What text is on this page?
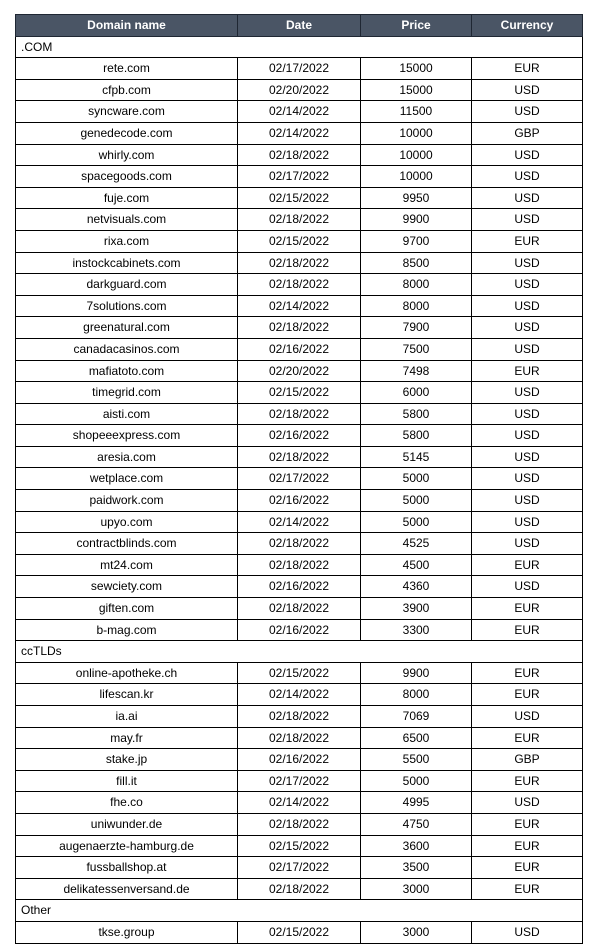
Domain name	Date	Price	Currency
.COM			
rete.com	02/17/2022	15000	EUR
cfpb.com	02/20/2022	15000	USD
syncware.com	02/14/2022	11500	USD
genedecode.com	02/14/2022	10000	GBP
whirly.com	02/18/2022	10000	USD
spacegoods.com	02/17/2022	10000	USD
fuje.com	02/15/2022	9950	USD
netvisuals.com	02/18/2022	9900	USD
rixa.com	02/15/2022	9700	EUR
instockcabinets.com	02/18/2022	8500	USD
darkguard.com	02/18/2022	8000	USD
7solutions.com	02/14/2022	8000	USD
greenatural.com	02/18/2022	7900	USD
canadacasinos.com	02/16/2022	7500	USD
mafiatoto.com	02/20/2022	7498	EUR
timegrid.com	02/15/2022	6000	USD
aisti.com	02/18/2022	5800	USD
shopeeexpress.com	02/16/2022	5800	USD
aresia.com	02/18/2022	5145	USD
wetplace.com	02/17/2022	5000	USD
paidwork.com	02/16/2022	5000	USD
upyo.com	02/14/2022	5000	USD
contractblinds.com	02/18/2022	4525	USD
mt24.com	02/18/2022	4500	EUR
sewciety.com	02/16/2022	4360	USD
giften.com	02/18/2022	3900	EUR
b-mag.com	02/16/2022	3300	EUR
ccTLDs			
online-apotheke.ch	02/15/2022	9900	EUR
lifescan.kr	02/14/2022	8000	EUR
ia.ai	02/18/2022	7069	USD
may.fr	02/18/2022	6500	EUR
stake.jp	02/16/2022	5500	GBP
fill.it	02/17/2022	5000	EUR
fhe.co	02/14/2022	4995	USD
uniwunder.de	02/18/2022	4750	EUR
augenaerzte-hamburg.de	02/15/2022	3600	EUR
fussballshop.at	02/17/2022	3500	EUR
delikatessenversand.de	02/18/2022	3000	EUR
Other			
tkse.group	02/15/2022	3000	USD
